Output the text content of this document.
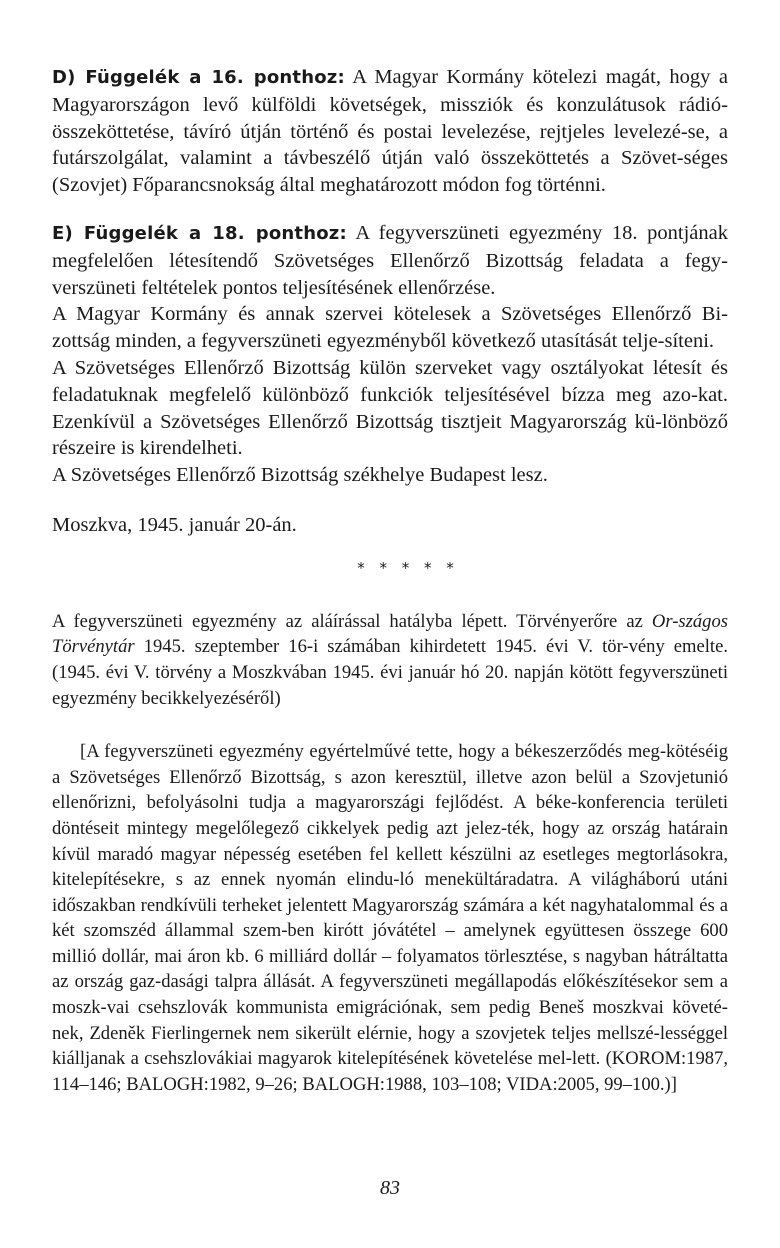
D) Függelék a 16. ponthoz: A Magyar Kormány kötelezi magát, hogy a Magyarországon levő külföldi követségek, missziók és konzulátusok rádió-összeköttetése, távíró útján történő és postai levelezése, rejtjeles levelezé-se, a futárszolgálat, valamint a távbeszélő útján való összeköttetés a Szövet-séges (Szovjet) Főparancsnokság által meghatározott módon fog történni.

E) Függelék a 18. ponthoz: A fegyverszüneti egyezmény 18. pontjának megfelelően létesítendő Szövetséges Ellenőrző Bizottság feladata a fegy-verszüneti feltételek pontos teljesítésének ellenőrzése.

A Magyar Kormány és annak szervei kötelesek a Szövetséges Ellenőrző Bi-zottság minden, a fegyverszüneti egyezményből következő utasítását telje-síteni.

A Szövetséges Ellenőrző Bizottság külön szerveket vagy osztályokat létesít és feladatuknak megfelelő különböző funkciók teljesítésével bízza meg azo-kat. Ezenkívül a Szövetséges Ellenőrző Bizottság tisztjeit Magyarország kü-lönböző részeire is kirendelheti.

A Szövetséges Ellenőrző Bizottság székhelye Budapest lesz.

Moszkva, 1945. január 20-án.

* * * * *

A fegyverszüneti egyezmény az aláírással hatályba lépett. Törvényerőre az Or-szágos Törvénytár 1945. szeptember 16-i számában kihirdetett 1945. évi V. tör-vény emelte. (1945. évi V. törvény a Moszkvában 1945. évi január hó 20. napján kötött fegyverszüneti egyezmény becikkelyezéséről)

[A fegyverszüneti egyezmény egyértelművé tette, hogy a békeszerződés meg-kötéséig a Szövetséges Ellenőrző Bizottság, s azon keresztül, illetve azon belül a Szovjetunió ellenőrizni, befolyásolni tudja a magyarországi fejlődést. A béke-konferencia területi döntéseit mintegy megelőlegező cikkelyek pedig azt jelez-ték, hogy az ország határain kívül maradó magyar népesség esetében fel kellett készülni az esetleges megtorlásokra, kitelepítésekre, s az ennek nyomán elindu-ló menekültáradatra. A világháború utáni időszakban rendkívüli terheket jelentett Magyarország számára a két nagyhatalommal és a két szomszéd állammal szem-ben kirótt jóvátétel – amelynek együttesen összege 600 millió dollár, mai áron kb. 6 milliárd dollár – folyamatos törlesztése, s nagyban hátráltatta az ország gaz-dasági talpra állását. A fegyverszüneti megállapodás előkészítésekor sem a moszk-vai csehszlovák kommunista emigrációnak, sem pedig Beneš moszkvai követé-nek, Zdeněk Fierlingernek nem sikerült elérnie, hogy a szovjetek teljes mellszé-lességgel kiálljanak a csehszlovákiai magyarok kitelepítésének követelése mel-lett. (KOROM:1987, 114–146; BALOGH:1982, 9–26; BALOGH:1988, 103–108; VIDA:2005, 99–100.)]

83
